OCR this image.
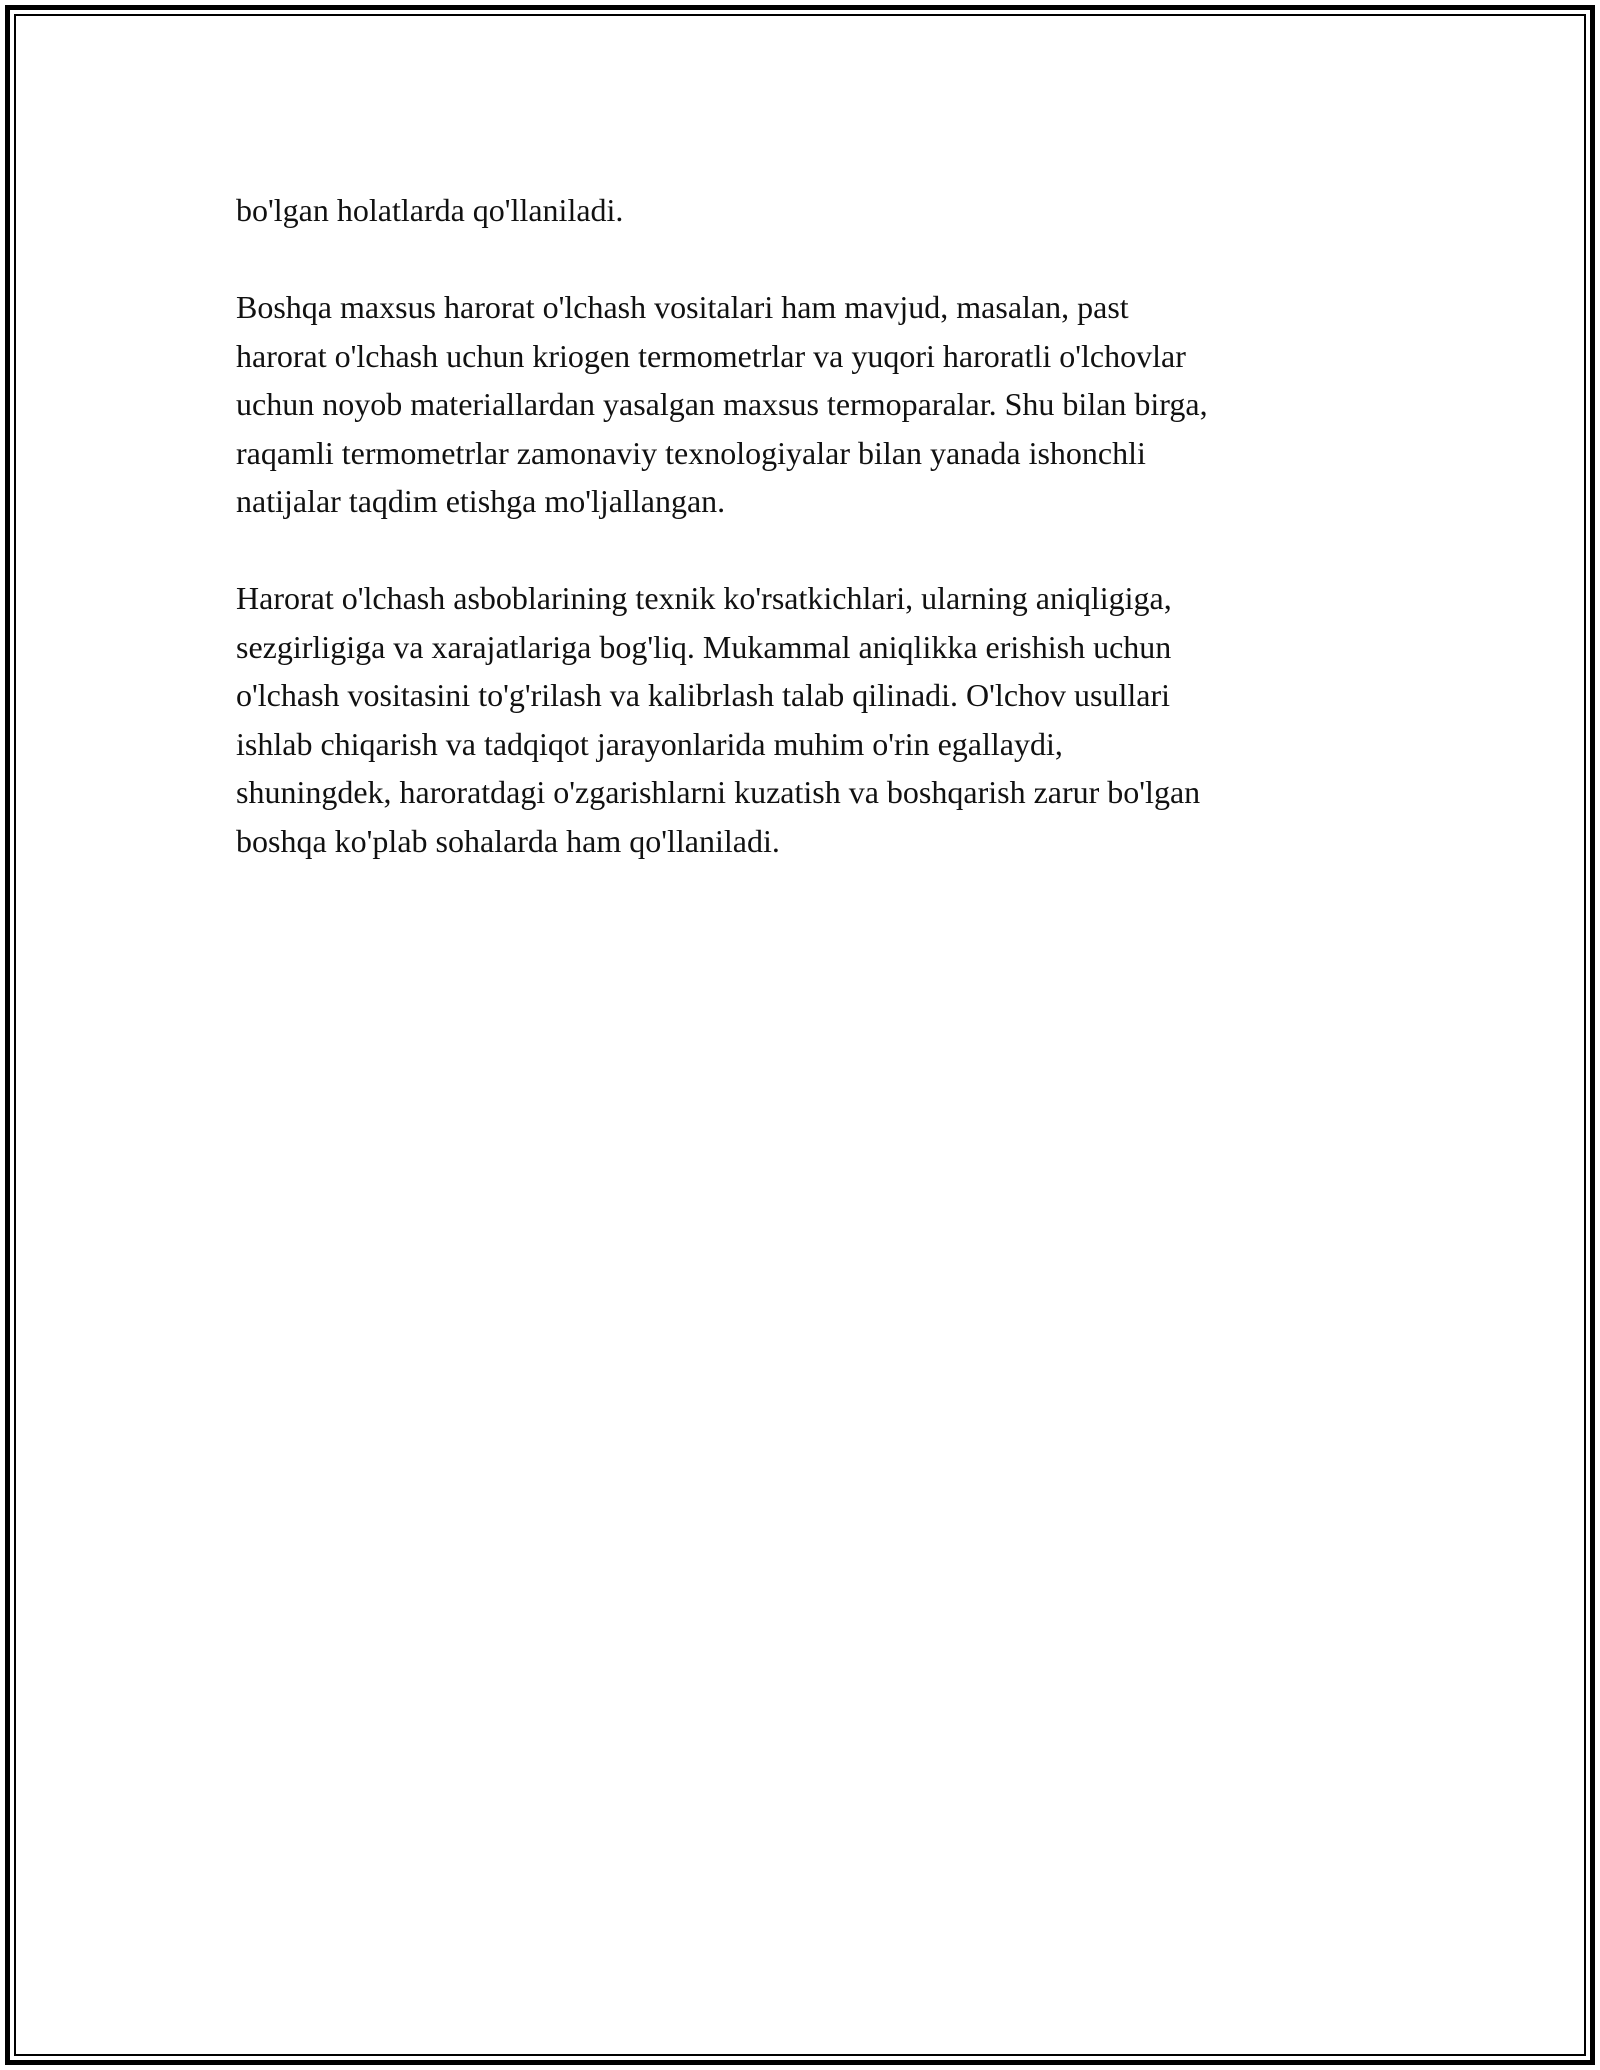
bo'lgan holatlarda qo'llaniladi.

Boshqa maxsus harorat o'lchash vositalari ham mavjud, masalan, past
harorat o'lchash uchun kriogen termometrlar va yuqori haroratli o'lchovlar
uchun noyob materiallardan yasalgan maxsus termoparalar. Shu bilan birga,
raqamli termometrlar zamonaviy texnologiyalar bilan yanada ishonchli
natijalar taqdim etishga mo'ljallangan.

Harorat o'lchash asboblarining texnik ko'rsatkichlari, ularning aniqligiga,
sezgirligiga va xarajatlariga bog'liq. Mukammal aniqlikka erishish uchun
o'lchash vositasini to'g'rilash va kalibrlash talab qilinadi. O'lchov usullari
ishlab chiqarish va tadqiqot jarayonlarida muhim o'rin egallaydi,
shuningdek, haroratdagi o'zgarishlarni kuzatish va boshqarish zarur bo'lgan
boshqa ko'plab sohalarda ham qo'llaniladi.
